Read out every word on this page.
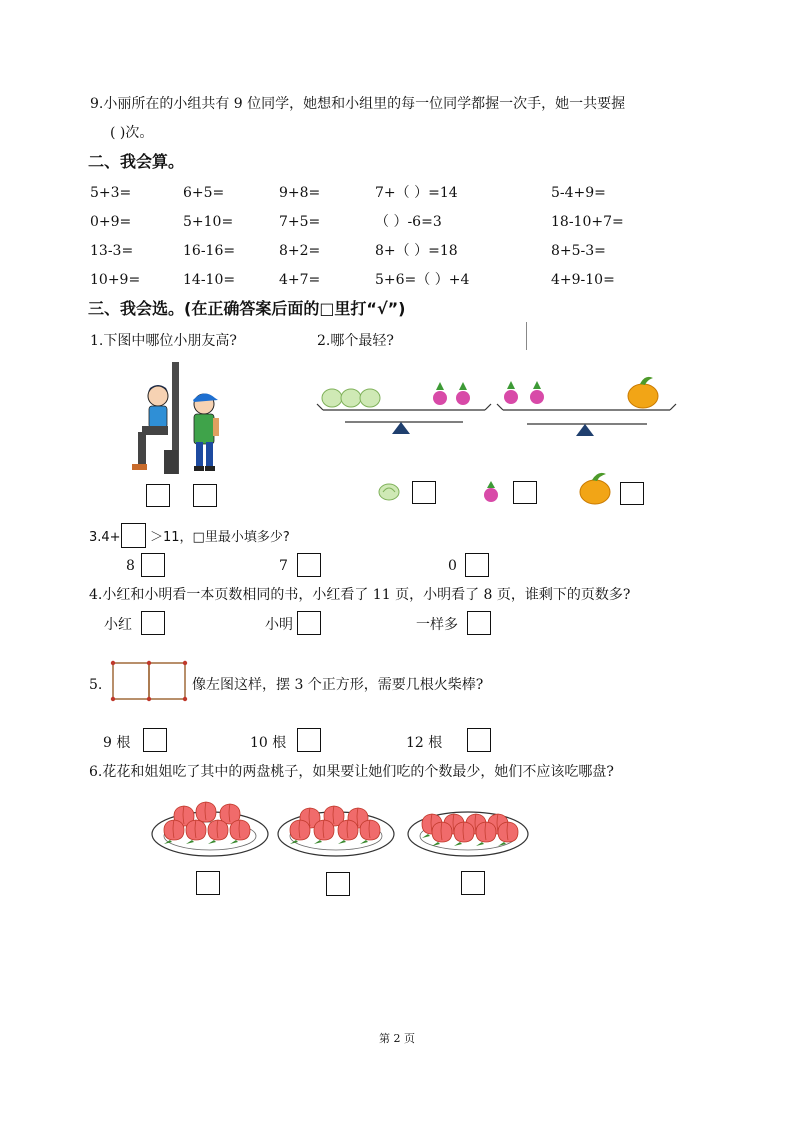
9.小丽所在的小组共有 9 位同学，她想和小组里的每一位同学都握一次手，她一共要握
( )次。
二、我会算。
5+3=	6+5=	9+8=	7+（ ）=14	5-4+9=
0+9=	5+10=	7+5=	（ ）-6=3	18-10+7=
13-3=	16-16=	8+2=	8+（ ）=18	8+5-3=
10+9=	14-10=	4+7=	5+6=（ ）+4	4+9-10=
三、我会选。(在正确答案后面的□里打“√”)
1.下图中哪位小朋友高?	2.哪个最轻?
3.4+ ＞11，□里最小填多少?
8	7	0
4.小红和小明看一本页数相同的书，小红看了 11 页，小明看了 8 页，谁剩下的页数多?
小红	小明	一样多
5.	像左图这样，摆 3 个正方形，需要几根火柴棒?
9 根	10 根	12 根
6.花花和姐姐吃了其中的两盘桃子，如果要让她们吃的个数最少，她们不应该吃哪盘?
第 2 页
